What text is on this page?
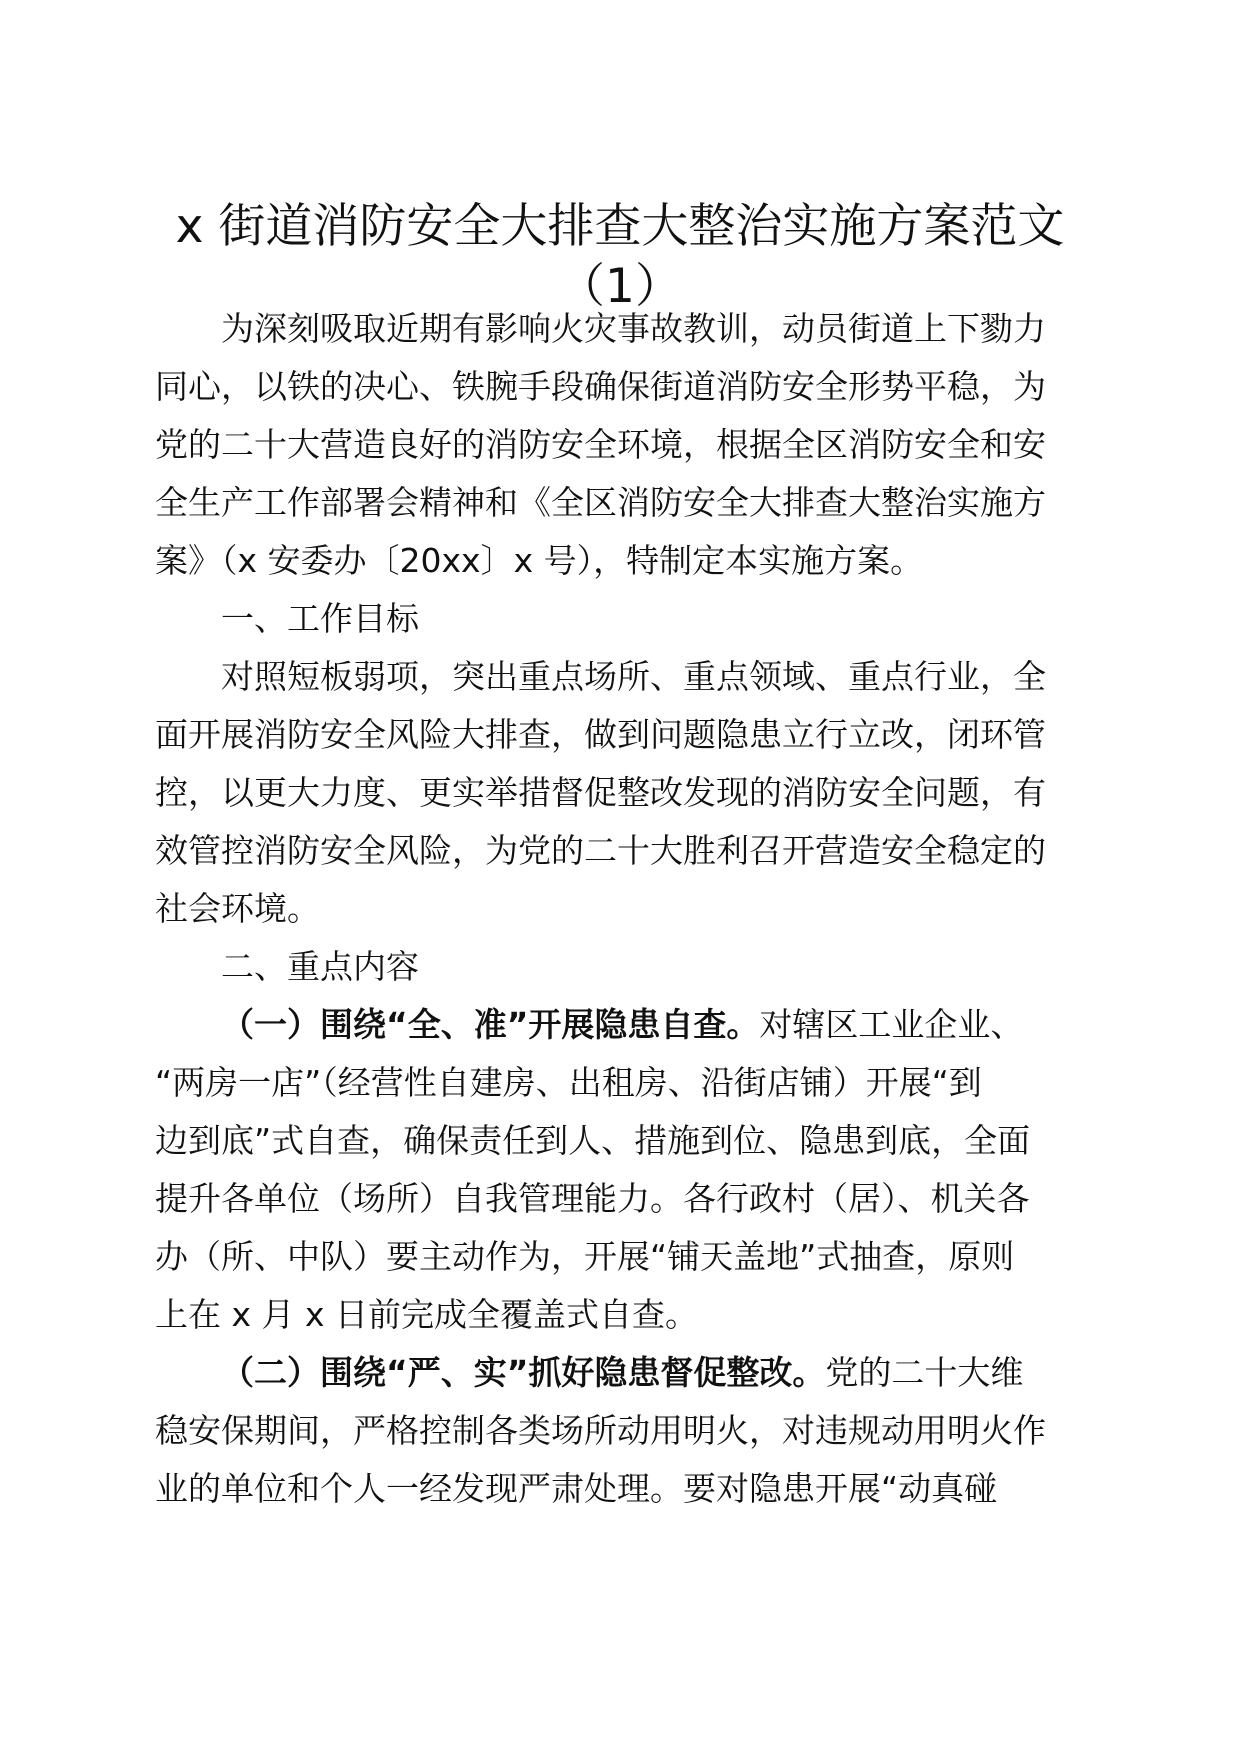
x 街道消防安全大排查大整治实施方案范文
（1）
为深刻吸取近期有影响火灾事故教训，动员街道上下勠力
同心，以铁的决心、铁腕手段确保街道消防安全形势平稳，为
党的二十大营造良好的消防安全环境，根据全区消防安全和安
全生产工作部署会精神和《全区消防安全大排查大整治实施方
案》（x 安委办〔20xx〕x 号），特制定本实施方案。
一、工作目标
对照短板弱项，突出重点场所、重点领域、重点行业，全
面开展消防安全风险大排查，做到问题隐患立行立改，闭环管
控，以更大力度、更实举措督促整改发现的消防安全问题，有
效管控消防安全风险，为党的二十大胜利召开营造安全稳定的
社会环境。
二、重点内容
（一）围绕“全、准”开展隐患自查。对辖区工业企业、
“两房一店”（经营性自建房、出租房、沿街店铺）开展“到
边到底”式自查，确保责任到人、措施到位、隐患到底，全面
提升各单位（场所）自我管理能力。各行政村（居）、机关各
办（所、中队）要主动作为，开展“铺天盖地”式抽查，原则
上在 x 月 x 日前完成全覆盖式自查。
（二）围绕“严、实”抓好隐患督促整改。党的二十大维
稳安保期间，严格控制各类场所动用明火，对违规动用明火作
业的单位和个人一经发现严肃处理。要对隐患开展“动真碰
